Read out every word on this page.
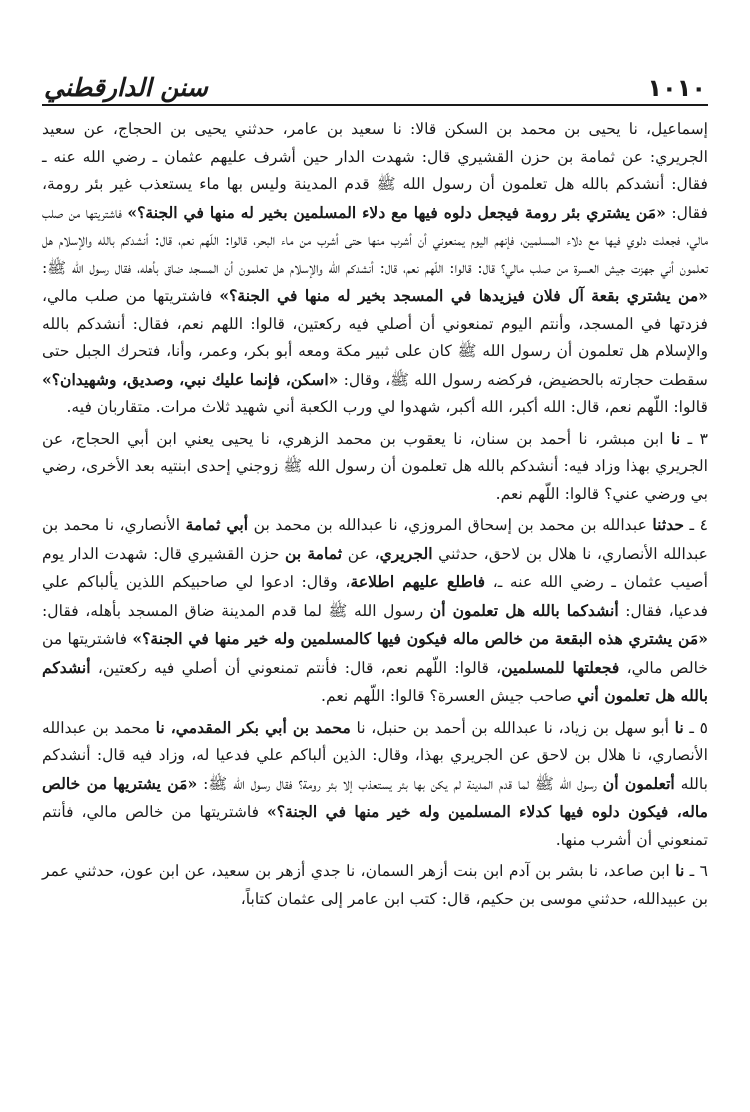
١٠١٠
سنن الدارقطني

إسماعيل، نا يحيى بن محمد بن السكن قالا: نا سعيد بن عامر، حدثني يحيى بن الحجاج، عن سعيد الجريري: عن ثمامة بن حزن القشيري قال: شهدت الدار حين أشرف عليهم عثمان ـ رضي الله عنه ـ فقال: أنشدكم بالله هل تعلمون أن رسول الله ﷺ قدم المدينة وليس بها ماء يستعذب غير بئر رومة، فقال: «مَن يشتري بئر رومة فيجعل دلوه فيها مع دلاء المسلمين بخير له منها في الجنة؟» فاشتريتها من صلب مالي، فجعلت دلوي فيها مع دلاء المسلمين، فإنهم اليوم يمنعوني أن أشرب منها حتى أشرب من ماء البحر، قالوا: اللّهم نعم، قال: أنشدكم بالله والإسلام هل تعلمون أني جهزت جيش العسرة من صلب مالي؟ قال: قالوا: اللّهم نعم، قال: أنشدكم الله والإسلام هل تعلمون أن المسجد ضاق بأهله، فقال رسول الله ﷺ: «من يشتري بقعة آل فلان فيزيدها في المسجد بخير له منها في الجنة؟» فاشتريتها من صلب مالي، فزدتها في المسجد، وأنتم اليوم تمنعوني أن أصلي فيه ركعتين، قالوا: اللهم نعم، فقال: أنشدكم بالله والإسلام هل تعلمون أن رسول الله ﷺ كان على ثبير مكة ومعه أبو بكر، وعمر، وأنا، فتحرك الجبل حتى سقطت حجارته بالحضيض، فركضه رسول الله ﷺ، وقال: «اسكن، فإنما عليك نبي، وصديق، وشهيدان؟» قالوا: اللّهم نعم، قال: الله أكبر، الله أكبر، شهدوا لي ورب الكعبة أني شهيد ثلاث مرات. متقاربان فيه.

٣ ـ نا ابن مبشر، نا أحمد بن سنان، نا يعقوب بن محمد الزهري، نا يحيى يعني ابن أبي الحجاج، عن الجريري بهذا وزاد فيه: أنشدكم بالله هل تعلمون أن رسول الله ﷺ زوجني إحدى ابنتيه بعد الأخرى، رضي بي ورضي عني؟ قالوا: اللّهم نعم.

٤ ـ حدثنا عبدالله بن محمد بن إسحاق المروزي، نا عبدالله بن محمد بن أبي ثمامة الأنصاري، نا محمد بن عبدالله الأنصاري، نا هلال بن لاحق، حدثني الجريري، عن ثمامة بن حزن القشيري قال: شهدت الدار يوم أصيب عثمان ـ رضي الله عنه ـ، فاطلع عليهم اطلاعة، وقال: ادعوا لي صاحبيكم اللذين يألباكم علي فدعيا، فقال: أنشدكما بالله هل تعلمون أن رسول الله ﷺ لما قدم المدينة ضاق المسجد بأهله، فقال: «مَن يشتري هذه البقعة من خالص ماله فيكون فيها كالمسلمين وله خير منها في الجنة؟» فاشتريتها من خالص مالي، فجعلتها للمسلمين، قالوا: اللّهم نعم، قال: فأنتم تمنعوني أن أصلي فيه ركعتين، أنشدكم بالله هل تعلمون أني صاحب جيش العسرة؟ قالوا: اللّهم نعم.

٥ ـ نا أبو سهل بن زياد، نا عبدالله بن أحمد بن حنبل، نا محمد بن أبي بكر المقدمي، نا محمد بن عبدالله الأنصاري، نا هلال بن لاحق عن الجريري بهذا، وقال: الذين ألباكم علي فدعيا له، وزاد فيه قال: أنشدكم بالله أتعلمون أن رسول الله ﷺ لما قدم المدينة لم يكن بها بئر يستعذب إلا بئر رومة؟ فقال رسول الله ﷺ: «مَن يشتريها من خالص ماله، فيكون دلوه فيها كدلاء المسلمين وله خير منها في الجنة؟» فاشتريتها من خالص مالي، فأنتم تمنعوني أن أشرب منها.

٦ ـ نا ابن صاعد، نا بشر بن آدم ابن بنت أزهر السمان، نا جدي أزهر بن سعيد، عن ابن عون، حدثني عمر بن عبيدالله، حدثني موسى بن حكيم، قال: كتب ابن عامر إلى عثمان كتاباً،
